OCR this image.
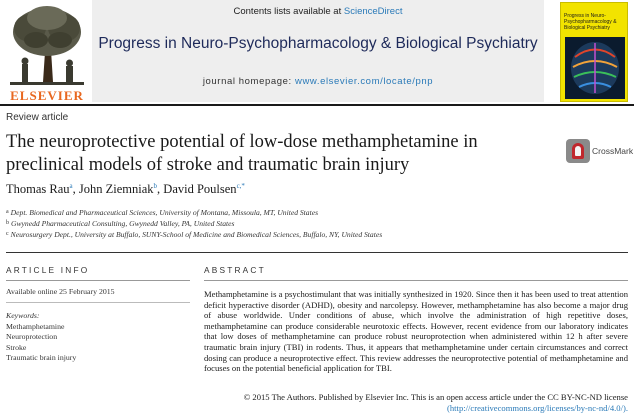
ELSEVIER
Contents lists available at ScienceDirect
Progress in Neuro-Psychopharmacology & Biological Psychiatry
journal homepage: www.elsevier.com/locate/pnp
Progress in Neuro-Psychopharmacology & Biological Psychiatry
Review article
The neuroprotective potential of low-dose methamphetamine in preclinical models of stroke and traumatic brain injury
CrossMark
Thomas Rau$^a$, John Ziemniak$^b$, David Poulsen$^{c,*}$
$^a$ Dept. Biomedical and Pharmaceutical Sciences, University of Montana, Missoula, MT, United States
$^b$ Gwynedd Pharmaceutical Consulting, Gwynedd Valley, PA, United States
$^c$ Neurosurgery Dept., University at Buffalo, SUNY-School of Medicine and Biomedical Sciences, Buffalo, NY, United States
ARTICLE INFO
Available online 25 February 2015
Keywords:
Methamphetamine
Neuroprotection
Stroke
Traumatic brain injury
ABSTRACT
Methamphetamine is a psychostimulant that was initially synthesized in 1920. Since then it has been used to treat attention deficit hyperactive disorder (ADHD), obesity and narcolepsy. However, methamphetamine has also become a major drug of abuse worldwide. Under conditions of abuse, which involve the administration of high repetitive doses, methamphetamine can produce considerable neurotoxic effects. However, recent evidence from our laboratory indicates that low doses of methamphetamine can produce robust neuroprotection when administered within 12 h after severe traumatic brain injury (TBI) in rodents. Thus, it appears that methamphetamine under certain circumstances and correct dosing can produce a neuroprotective effect. This review addresses the neuroprotective potential of methamphetamine and focuses on the potential beneficial application for TBI.
© 2015 The Authors. Published by Elsevier Inc. This is an open access article under the CC BY-NC-ND license
(http://creativecommons.org/licenses/by-nc-nd/4.0/).
